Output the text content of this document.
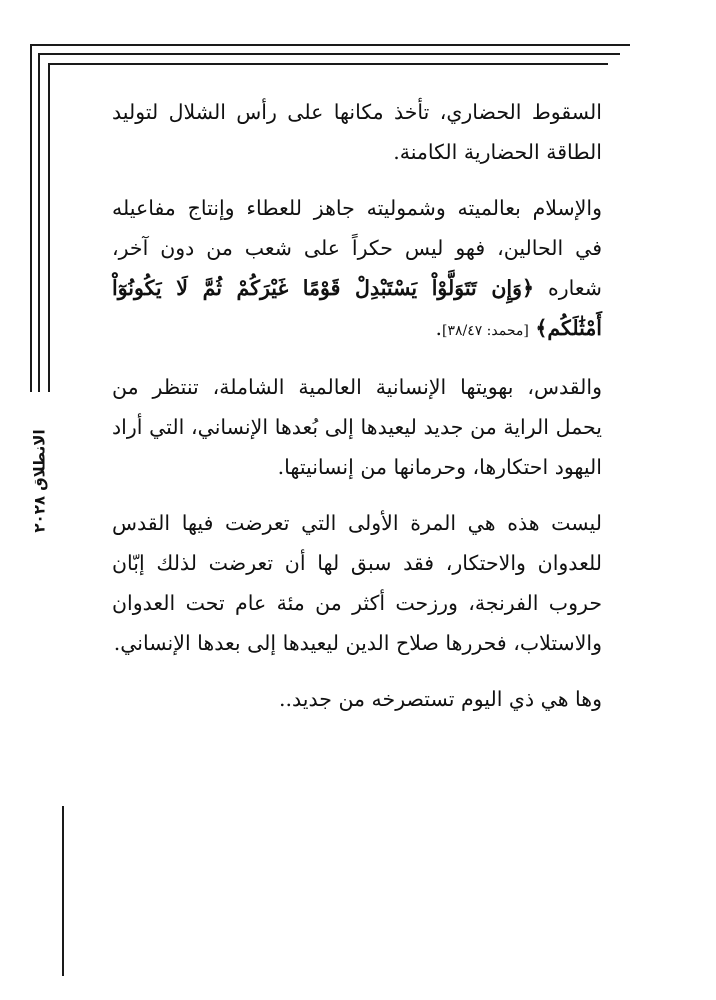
الانطلاق ٢٠٢٨

السقوط الحضاري، تأخذ مكانها على رأس الشلال لتوليد الطاقة الحضارية الكامنة.

والإسلام بعالميته وشموليته جاهز للعطاء وإنتاج مفاعيله في الحالين، فهو ليس حكراً على شعب من دون آخر، شعاره ﴿وَإِن تَتَوَلَّوْاْ يَسْتَبْدِلْ قَوْمًا غَيْرَكُمْ ثُمَّ لَا يَكُونُوٓاْ أَمْثَٰلَكُم﴾ [محمد: ٣٨/٤٧].

والقدس، بهويتها الإنسانية العالمية الشاملة، تنتظر من يحمل الراية من جديد ليعيدها إلى بُعدها الإنساني، التي أراد اليهود احتكارها، وحرمانها من إنسانيتها.

ليست هذه هي المرة الأولى التي تعرضت فيها القدس للعدوان والاحتكار، فقد سبق لها أن تعرضت لذلك إبّان حروب الفرنجة، ورزحت أكثر من مئة عام تحت العدوان والاستلاب، فحررها صلاح الدين ليعيدها إلى بعدها الإنساني.

وها هي ذي اليوم تستصرخه من جديد..
